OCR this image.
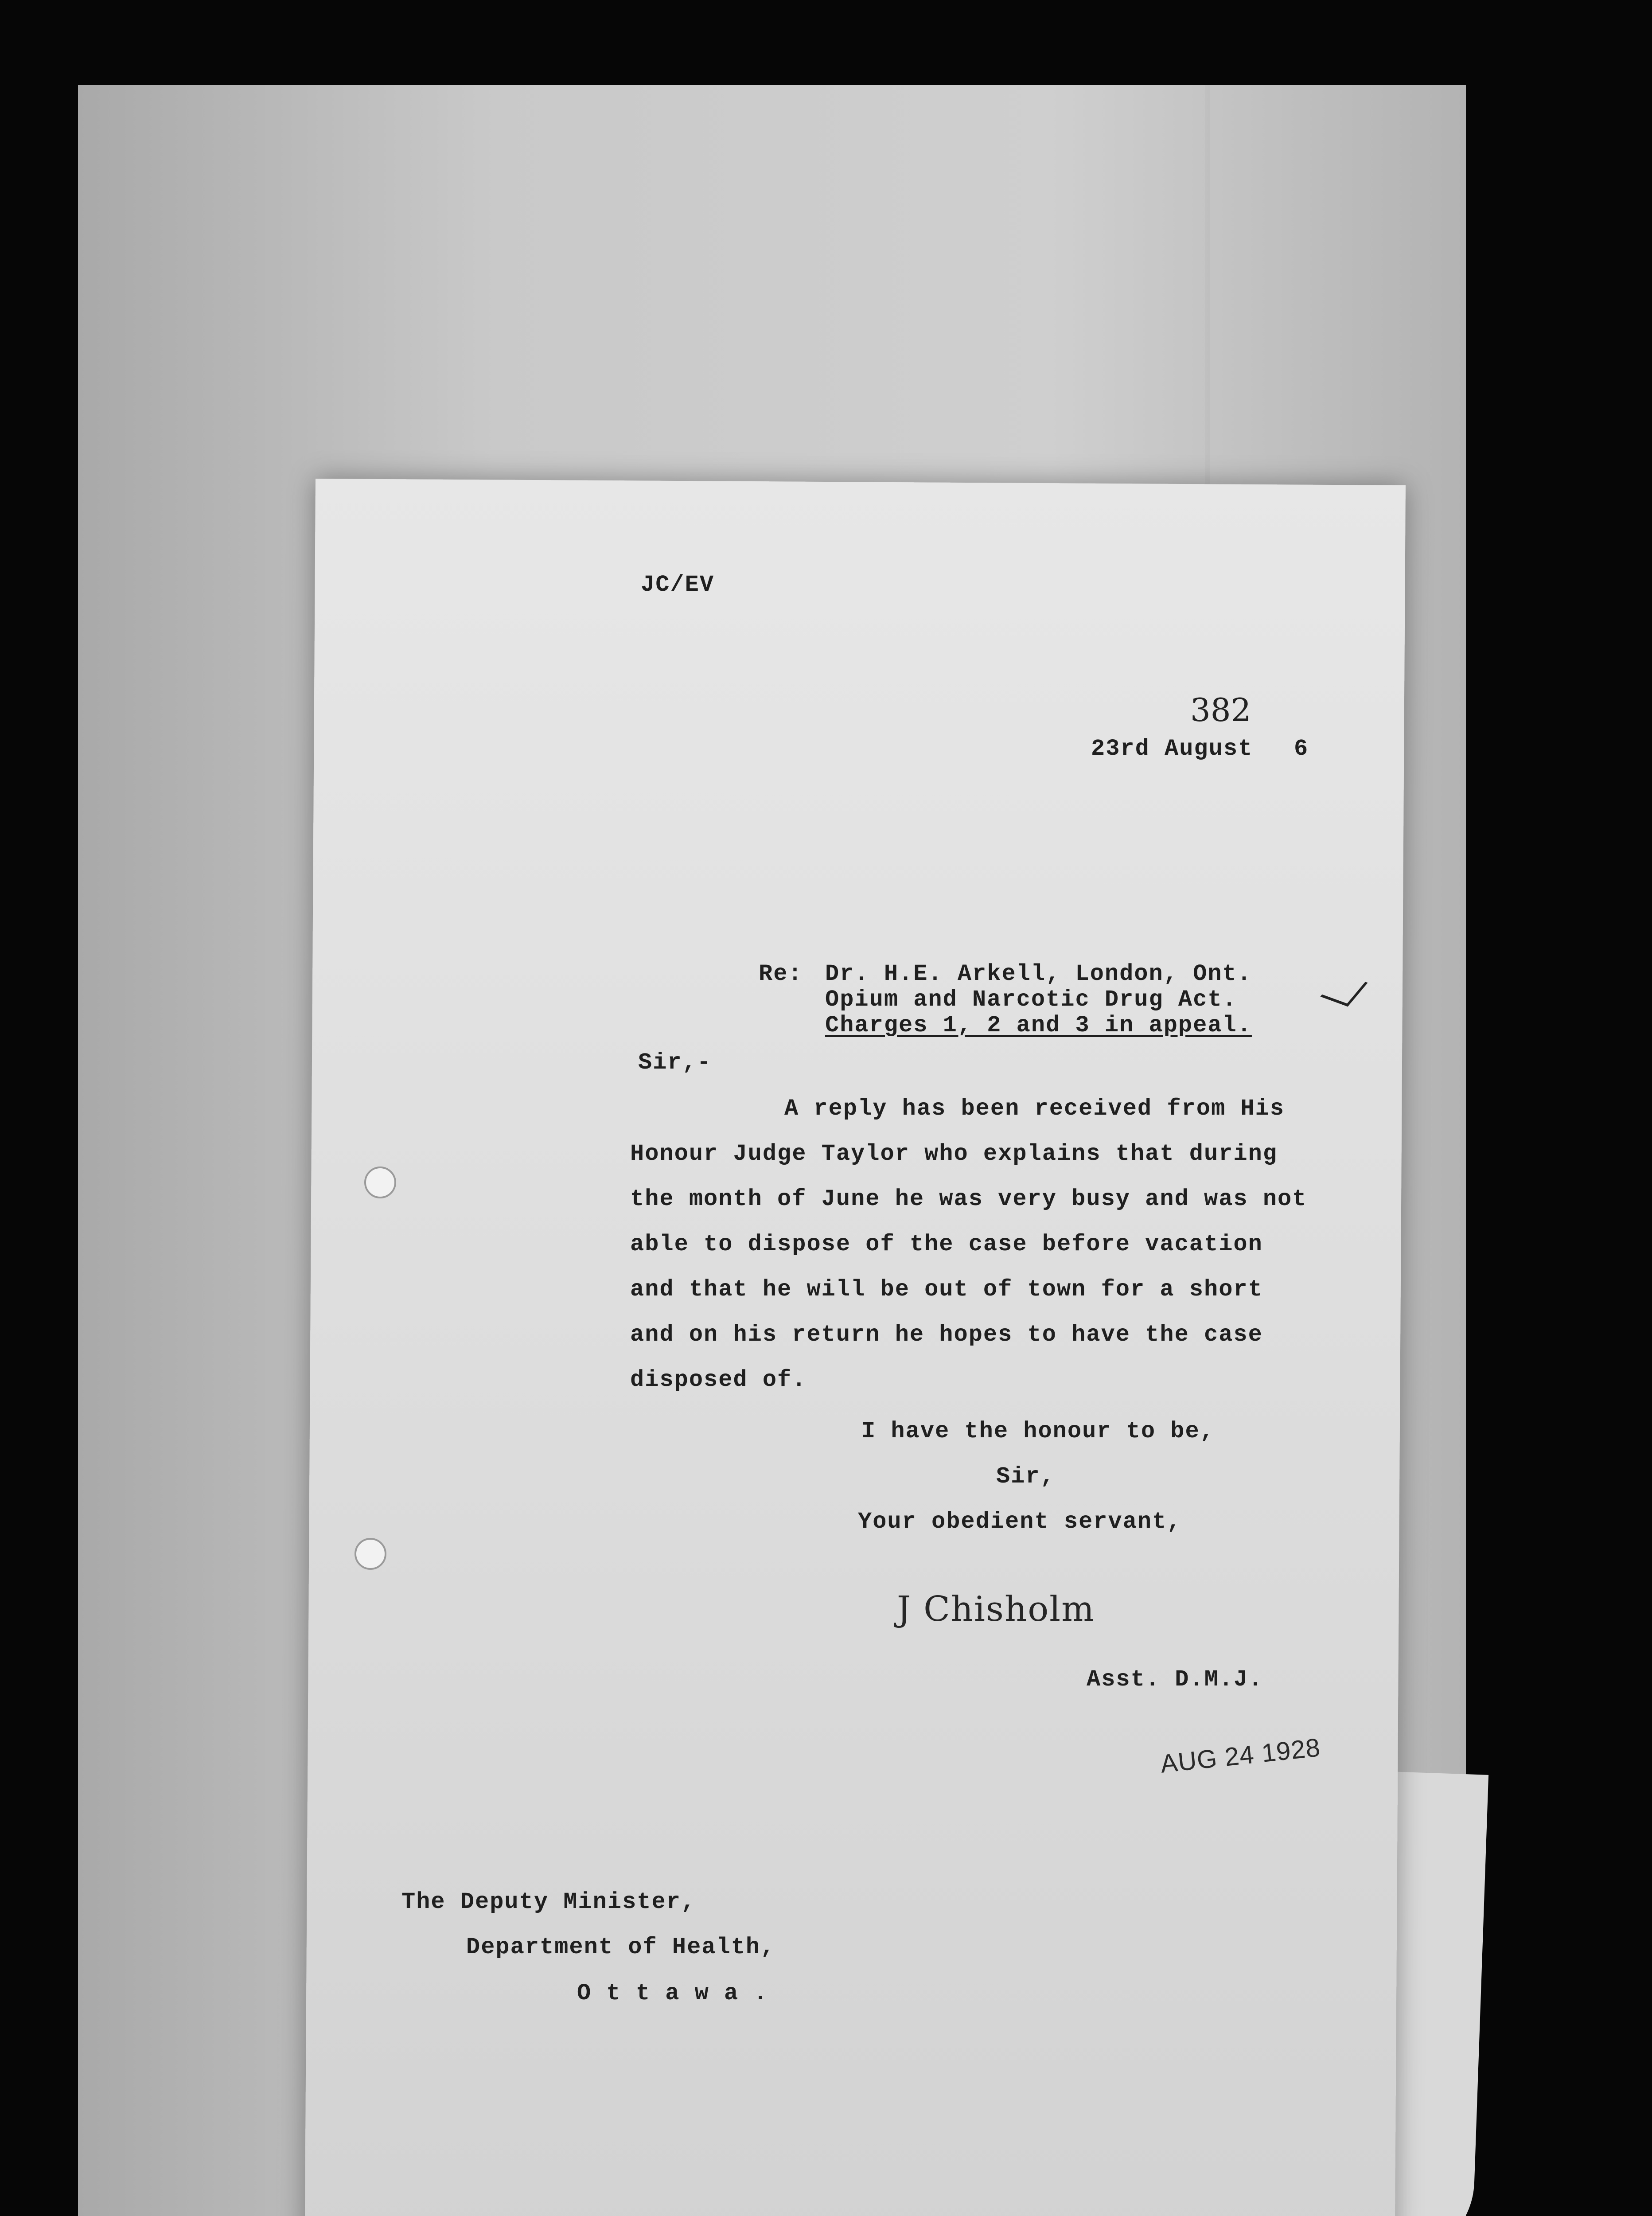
JC/EV
382
23rd August 6
Re: Dr. H.E. Arkell, London, Ont.
Opium and Narcotic Drug Act.
Charges 1, 2 and 3 in appeal.
Sir,-
A reply has been received from His
Honour Judge Taylor who explains that during
the month of June he was very busy and was not
able to dispose of the case before vacation
and that he will be out of town for a short
and on his return he hopes to have the case
disposed of.
I have the honour to be,
Sir,
Your obedient servant,
J Chisholm
Asst. D.M.J.
AUG 24 1928
The Deputy Minister,
Department of Health,
O t t a w a .
